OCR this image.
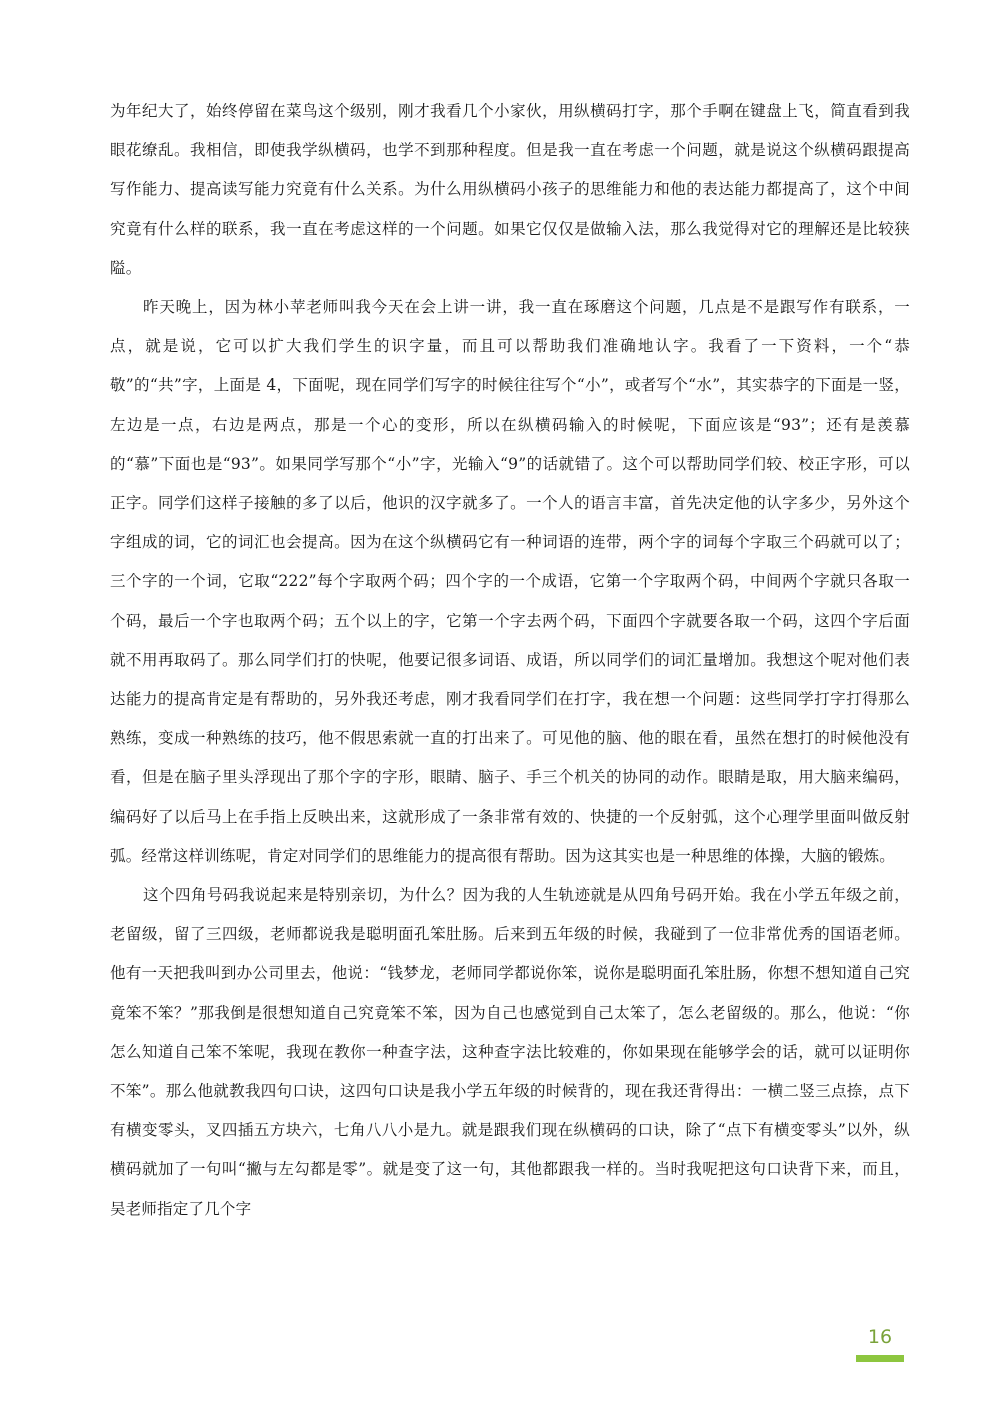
为年纪大了，始终停留在菜鸟这个级别，刚才我看几个小家伙，用纵横码打字，那个手啊在键盘上飞，简直看到我眼花缭乱。我相信，即使我学纵横码，也学不到那种程度。但是我一直在考虑一个问题，就是说这个纵横码跟提高写作能力、提高读写能力究竟有什么关系。为什么用纵横码小孩子的思维能力和他的表达能力都提高了，这个中间究竟有什么样的联系，我一直在考虑这样的一个问题。如果它仅仅是做输入法，那么我觉得对它的理解还是比较狭隘。

昨天晚上，因为林小苹老师叫我今天在会上讲一讲，我一直在琢磨这个问题，几点是不是跟写作有联系，一点，就是说，它可以扩大我们学生的识字量，而且可以帮助我们准确地认字。我看了一下资料，一个“恭敬”的“共”字，上面是 4，下面呢，现在同学们写字的时候往往写个“小”，或者写个“水”，其实恭字的下面是一竖，左边是一点，右边是两点，那是一个心的变形，所以在纵横码输入的时候呢，下面应该是“93”；还有是羡慕的“慕”下面也是“93”。如果同学写那个“小”字，光输入“9”的话就错了。这个可以帮助同学们较、校正字形，可以正字。同学们这样子接触的多了以后，他识的汉字就多了。一个人的语言丰富，首先决定他的认字多少，另外这个字组成的词，它的词汇也会提高。因为在这个纵横码它有一种词语的连带，两个字的词每个字取三个码就可以了；三个字的一个词，它取“222”每个字取两个码；四个字的一个成语，它第一个字取两个码，中间两个字就只各取一个码，最后一个字也取两个码；五个以上的字，它第一个字去两个码，下面四个字就要各取一个码，这四个字后面就不用再取码了。那么同学们打的快呢，他要记很多词语、成语，所以同学们的词汇量增加。我想这个呢对他们表达能力的提高肯定是有帮助的，另外我还考虑，刚才我看同学们在打字，我在想一个问题：这些同学打字打得那么熟练，变成一种熟练的技巧，他不假思索就一直的打出来了。可见他的脑、他的眼在看，虽然在想打的时候他没有看，但是在脑子里头浮现出了那个字的字形，眼睛、脑子、手三个机关的协同的动作。眼睛是取，用大脑来编码，编码好了以后马上在手指上反映出来，这就形成了一条非常有效的、快捷的一个反射弧，这个心理学里面叫做反射弧。经常这样训练呢，肯定对同学们的思维能力的提高很有帮助。因为这其实也是一种思维的体操，大脑的锻炼。

这个四角号码我说起来是特别亲切，为什么？因为我的人生轨迹就是从四角号码开始。我在小学五年级之前，老留级，留了三四级，老师都说我是聪明面孔笨肚肠。后来到五年级的时候，我碰到了一位非常优秀的国语老师。他有一天把我叫到办公司里去，他说：“钱梦龙，老师同学都说你笨，说你是聪明面孔笨肚肠，你想不想知道自己究竟笨不笨？”那我倒是很想知道自己究竟笨不笨，因为自己也感觉到自己太笨了，怎么老留级的。那么，他说：“你怎么知道自己笨不笨呢，我现在教你一种查字法，这种查字法比较难的，你如果现在能够学会的话，就可以证明你不笨”。那么他就教我四句口诀，这四句口诀是我小学五年级的时候背的，现在我还背得出：一横二竖三点捺，点下有横变零头，叉四插五方块六，七角八八小是九。就是跟我们现在纵横码的口诀，除了“点下有横变零头”以外，纵横码就加了一句叫“撇与左勾都是零”。就是变了这一句，其他都跟我一样的。当时我呢把这句口诀背下来，而且，吴老师指定了几个字

16
